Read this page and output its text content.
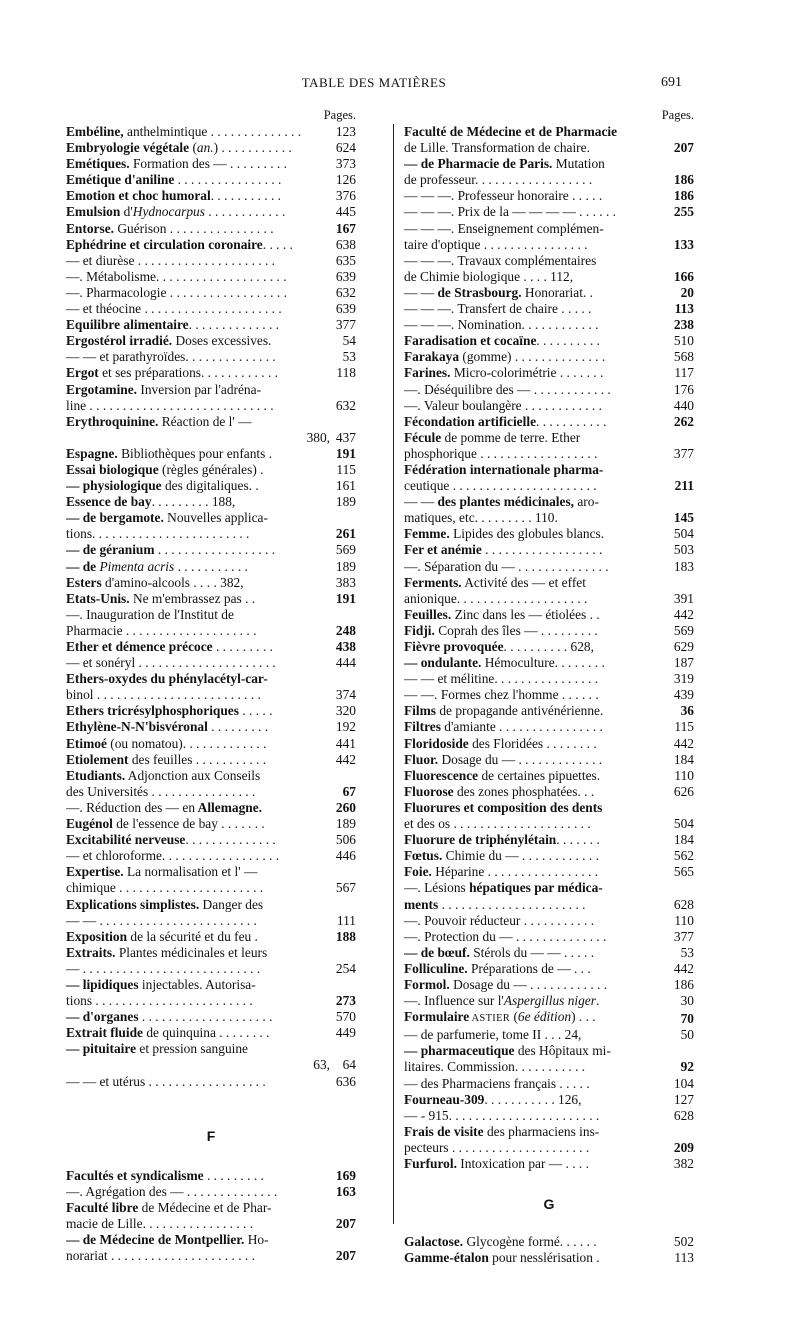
TABLE DES MATIÈRES	691
Pages.
Embéline, anthelmintique . . . . . . . . . . . . . .	123
Embryologie végétale (an.) . . . . . . . . . . .	624
Emétiques. Formation des — . . . . . . . . .	373
Emétique d'aniline . . . . . . . . . . . . . . . .	126
Emotion et choc humoral. . . . . . . . . . .	376
Emulsion d'Hydnocarpus . . . . . . . . . . . .	445
Entorse. Guérison . . . . . . . . . . . . . . . .	167
Ephédrine et circulation coronaire. . . . .	638
— et diurèse . . . . . . . . . . . . . . . . . . . . .	635
—. Métabolisme. . . . . . . . . . . . . . . . . . . .	639
—. Pharmacologie . . . . . . . . . . . . . . . . . .	632
— et théocine . . . . . . . . . . . . . . . . . . . . .	639
Equilibre alimentaire. . . . . . . . . . . . . .	377
Ergostérol irradié. Doses excessives.	54
— — et parathyroïdes. . . . . . . . . . . . . .	53
Ergot et ses préparations. . . . . . . . . . . .	118
Ergotamine. Inversion par l'adréna-
line . . . . . . . . . . . . . . . . . . . . . . . . . . . .	632
Erythroquinine. Réaction de l' —
380, 437
Espagne. Bibliothèques pour enfants .	191
Essai biologique (règles générales) .	115
— physiologique des digitaliques. .	161
Essence de bay. . . . . . . . . 188,	189
— de bergamote. Nouvelles applica-
tions. . . . . . . . . . . . . . . . . . . . . . . .	261
— de géranium . . . . . . . . . . . . . . . . . .	569
— de Pimenta acris . . . . . . . . . . .	189
Esters d'amino-alcools . . . . 382,	383
Etats-Unis. Ne m'embrassez pas . .	191
—. Inauguration de l'Institut de
Pharmacie . . . . . . . . . . . . . . . . . . . .	248
Ether et démence précoce . . . . . . . . .	438
— et sonéryl . . . . . . . . . . . . . . . . . . . . .	444
Ethers-oxydes du phénylacétyl-car-
binol . . . . . . . . . . . . . . . . . . . . . . . . .	374
Ethers tricrésylphosphoriques . . . . .	320
Ethylène-N-N'bisvéronal . . . . . . . . .	192
Etimoé (ou nomatou). . . . . . . . . . . . .	441
Etiolement des feuilles . . . . . . . . . . .	442
Etudiants. Adjonction aux Conseils
des Universités . . . . . . . . . . . . . . . .	67
—. Réduction des — en Allemagne.	260
Eugénol de l'essence de bay . . . . . . .	189
Excitabilité nerveuse. . . . . . . . . . . . . .	506
— et chloroforme. . . . . . . . . . . . . . . . . .	446
Expertise. La normalisation et l' —
chimique . . . . . . . . . . . . . . . . . . . . . .	567
Explications simplistes. Danger des
— — . . . . . . . . . . . . . . . . . . . . . . . .	111
Exposition de la sécurité et du feu .	188
Extraits. Plantes médicinales et leurs
— . . . . . . . . . . . . . . . . . . . . . . . . . . .	254
— lipidiques injectables. Autorisa-
tions . . . . . . . . . . . . . . . . . . . . . . . .	273
— d'organes . . . . . . . . . . . . . . . . . . . .	570
Extrait fluide de quinquina . . . . . . . .	449
— pituitaire et pression sanguine
63, 64
— — et utérus . . . . . . . . . . . . . . . . . .	636
F
Facultés et syndicalisme . . . . . . . . .	169
—. Agrégation des — . . . . . . . . . . . . . .	163
Faculté libre de Médecine et de Phar-
macie de Lille. . . . . . . . . . . . . . . . .	207
— de Médecine de Montpellier. Ho-
norariat . . . . . . . . . . . . . . . . . . . . . .	207
Pages.
Faculté de Médecine et de Pharmacie
de Lille. Transformation de chaire.	207
— de Pharmacie de Paris. Mutation
de professeur. . . . . . . . . . . . . . . . . .	186
— — —. Professeur honoraire . . . . .	186
— — —. Prix de la — — — — . . . . . .	255
— — —. Enseignement complémen-
taire d'optique . . . . . . . . . . . . . . . .	133
— — —. Travaux complémentaires
de Chimie biologique . . . . 112,	166
— — de Strasbourg. Honorariat. .	20
— — —. Transfert de chaire . . . . .	113
— — —. Nomination. . . . . . . . . . . .	238
Faradisation et cocaïne. . . . . . . . . .	510
Farakaya (gomme) . . . . . . . . . . . . . .	568
Farines. Micro-colorimétrie . . . . . . .	117
—. Déséquilibre des — . . . . . . . . . . . .	176
—. Valeur boulangère . . . . . . . . . . . .	440
Fécondation artificielle. . . . . . . . . . .	262
Fécule de pomme de terre. Ether
phosphorique . . . . . . . . . . . . . . . . . .	377
Fédération internationale pharma-
ceutique . . . . . . . . . . . . . . . . . . . . . .	211
— — des plantes médicinales, aro-
matiques, etc. . . . . . . . . 110.	145
Femme. Lipides des globules blancs.	504
Fer et anémie . . . . . . . . . . . . . . . . . .	503
—. Séparation du — . . . . . . . . . . . . . .	183
Ferments. Activité des — et effet
anionique. . . . . . . . . . . . . . . . . . . .	391
Feuilles. Zinc dans les — étiolées . .	442
Fidji. Coprah des îles — . . . . . . . . .	569
Fièvre provoquée. . . . . . . . . . 628,	629
— ondulante. Hémoculture. . . . . . . .	187
— — et mélitine. . . . . . . . . . . . . . . .	319
— —. Formes chez l'homme . . . . . .	439
Films de propagande antivénérienne.	36
Filtres d'amiante . . . . . . . . . . . . . . . .	115
Floridoside des Floridées . . . . . . . .	442
Fluor. Dosage du — . . . . . . . . . . . . .	184
Fluorescence de certaines pipuettes.	110
Fluorose des zones phosphatées. . .	626
Fluorures et composition des dents
et des os . . . . . . . . . . . . . . . . . . . . .	504
Fluorure de triphénylétain. . . . . . .	184
Fœtus. Chimie du — . . . . . . . . . . . .	562
Foie. Héparine . . . . . . . . . . . . . . . . .	565
—. Lésions hépatiques par médica-
ments . . . . . . . . . . . . . . . . . . . . . .	628
—. Pouvoir réducteur . . . . . . . . . . .	110
—. Protection du — . . . . . . . . . . . . . .	377
— de bœuf. Stérols du — — . . . . .	53
Folliculine. Préparations de — . . .	442
Formol. Dosage du — . . . . . . . . . . . .	186
—. Influence sur l'Aspergillus niger.	30
Formulaire ASTIER (6e édition) . . .	70
— de parfumerie, tome II . . . 24,	50
— pharmaceutique des Hôpitaux mi-
litaires. Commission. . . . . . . . . . .	92
— des Pharmaciens français . . . . .	104
Fourneau-309. . . . . . . . . . . 126,	127
— - 915. . . . . . . . . . . . . . . . . . . . . . .	628
Frais de visite des pharmaciens ins-
pecteurs . . . . . . . . . . . . . . . . . . . . .	209
Furfurol. Intoxication par — . . . .	382
G
Galactose. Glycogène formé. . . . . .	502
Gamme-étalon pour nesslérisation .	113
